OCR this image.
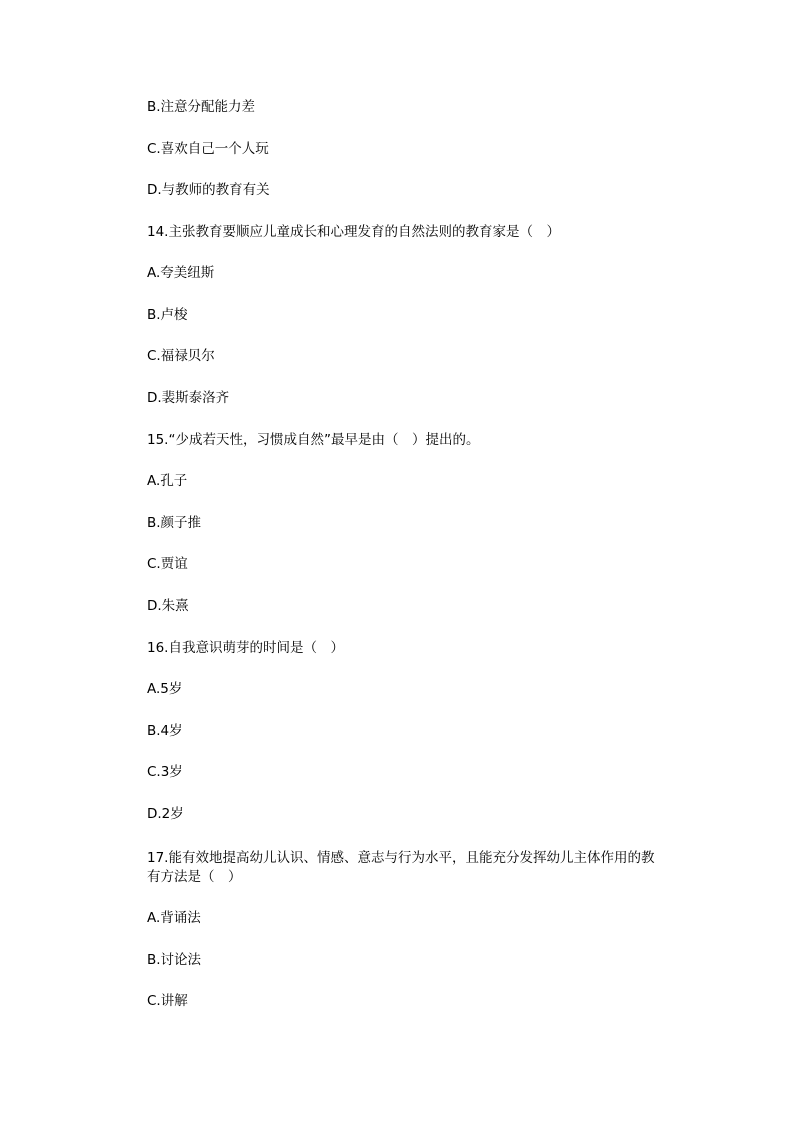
B.注意分配能力差
C.喜欢自己一个人玩
D.与教师的教育有关
14.主张教育要顺应儿童成长和心理发育的自然法则的教育家是（　）
A.夸美纽斯
B.卢梭
C.福禄贝尔
D.裴斯泰洛齐
15.“少成若天性，习惯成自然”最早是由（　）提出的。
A.孔子
B.颜子推
C.贾谊
D.朱熹
16.自我意识萌芽的时间是（　）
A.5岁
B.4岁
C.3岁
D.2岁
17.能有效地提高幼儿认识、情感、意志与行为水平，且能充分发挥幼儿主体作用的教
有方法是（　）
A.背诵法
B.讨论法
C.讲解
